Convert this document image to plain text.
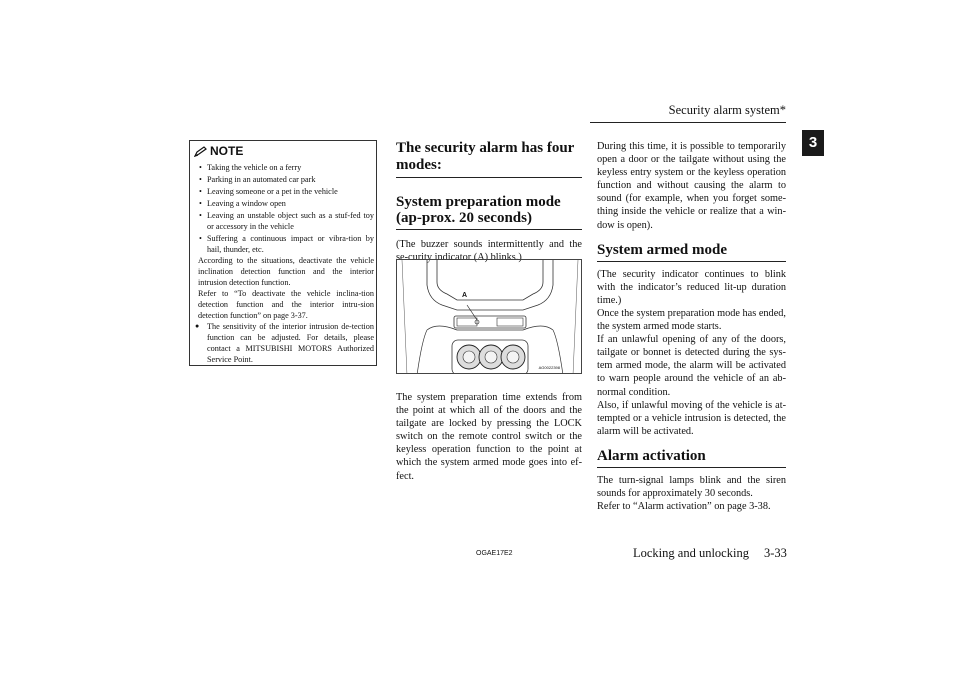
Security alarm system*
3
NOTE
• Taking the vehicle on a ferry
• Parking in an automated car park
• Leaving someone or a pet in the vehicle
• Leaving a window open
• Leaving an unstable object such as a stuf-fed toy or accessory in the vehicle
• Suffering a continuous impact or vibra-tion by hail, thunder, etc.
According to the situations, deactivate the vehicle inclination detection function and the interior intrusion detection function.
Refer to “To deactivate the vehicle inclina-tion detection function and the interior intru-sion detection function” on page 3-37.
● The sensitivity of the interior intrusion de-tection function can be adjusted. For details, please contact a MITSUBISHI MOTORS Authorized Service Point.
The security alarm has four modes:
System preparation mode (ap-prox. 20 seconds)
(The buzzer sounds intermittently and the se-curity indicator (A) blinks.)
A
AG0022398
The system preparation time extends from the point at which all of the doors and the tailgate are locked by pressing the LOCK switch on the remote control switch or the keyless operation function to the point at which the system armed mode goes into ef-fect.
During this time, it is possible to temporarily open a door or the tailgate without using the keyless entry system or the keyless operation function and without causing the alarm to sound (for example, when you forget some-thing inside the vehicle or realize that a win-dow is open).
System armed mode
(The security indicator continues to blink with the indicator’s reduced lit-up duration time.)
Once the system preparation mode has ended, the system armed mode starts.
If an unlawful opening of any of the doors, tailgate or bonnet is detected during the sys-tem armed mode, the alarm will be activated to warn people around the vehicle of an ab-normal condition.
Also, if unlawful moving of the vehicle is at-tempted or a vehicle intrusion is detected, the alarm will be activated.
Alarm activation
The turn-signal lamps blink and the siren sounds for approximately 30 seconds.
Refer to “Alarm activation” on page 3-38.
OGAE17E2	Locking and unlocking 3-33
